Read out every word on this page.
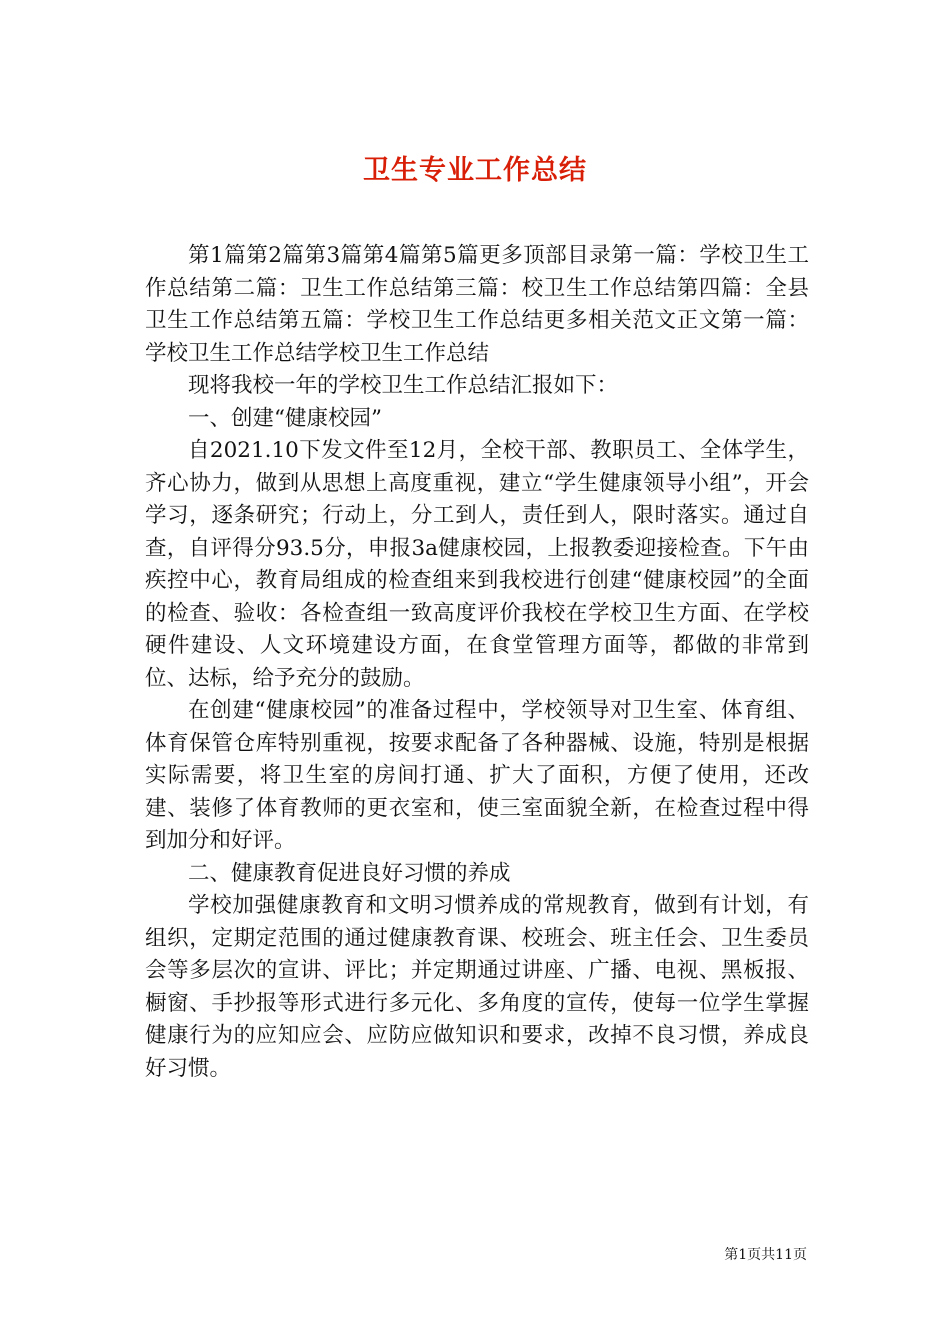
卫生专业工作总结

第1篇第2篇第3篇第4篇第5篇更多顶部目录第一篇：学校卫生工作总结第二篇：卫生工作总结第三篇：校卫生工作总结第四篇：全县卫生工作总结第五篇：学校卫生工作总结更多相关范文正文第一篇：学校卫生工作总结学校卫生工作总结

现将我校一年的学校卫生工作总结汇报如下：

一、创建“健康校园”

自2021.10下发文件至12月，全校干部、教职员工、全体学生，齐心协力，做到从思想上高度重视，建立“学生健康领导小组”，开会学习，逐条研究；行动上，分工到人，责任到人，限时落实。通过自查，自评得分93.5分，申报3a健康校园，上报教委迎接检查。下午由疾控中心，教育局组成的检查组来到我校进行创建“健康校园”的全面的检查、验收：各检查组一致高度评价我校在学校卫生方面、在学校硬件建设、人文环境建设方面，在食堂管理方面等，都做的非常到位、达标，给予充分的鼓励。

在创建“健康校园”的准备过程中，学校领导对卫生室、体育组、体育保管仓库特别重视，按要求配备了各种器械、设施，特别是根据实际需要，将卫生室的房间打通、扩大了面积，方便了使用，还改建、装修了体育教师的更衣室和，使三室面貌全新，在检查过程中得到加分和好评。

二、健康教育促进良好习惯的养成

学校加强健康教育和文明习惯养成的常规教育，做到有计划，有组织，定期定范围的通过健康教育课、校班会、班主任会、卫生委员会等多层次的宣讲、评比；并定期通过讲座、广播、电视、黑板报、橱窗、手抄报等形式进行多元化、多角度的宣传，使每一位学生掌握健康行为的应知应会、应防应做知识和要求，改掉不良习惯，养成良好习惯。

第1页共11页
